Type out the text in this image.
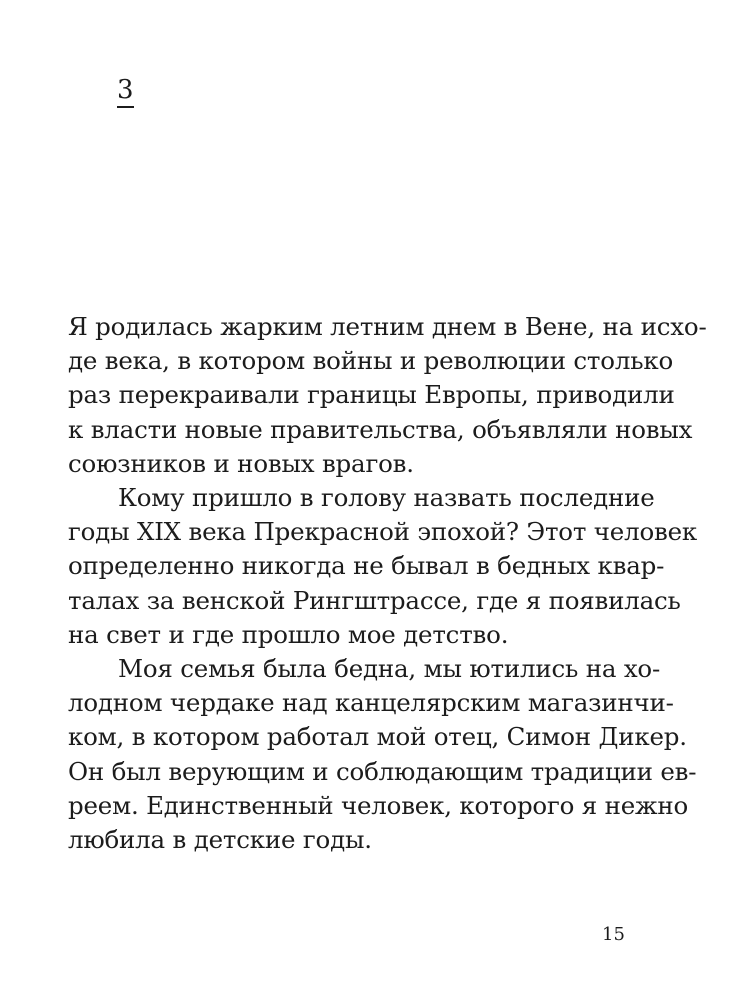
3

Я родилась жарким летним днем в Вене, на исхо-
де века, в котором войны и революции столько
раз перекраивали границы Европы, приводили
к власти новые правительства, объявляли новых
союзников и новых врагов.

Кому пришло в голову назвать последние
годы XIX века Прекрасной эпохой? Этот человек
определенно никогда не бывал в бедных квар-
талах за венской Рингштрассе, где я появилась
на свет и где прошло мое детство.

Моя семья была бедна, мы ютились на хо-
лодном чердаке над канцелярским магазинчи-
ком, в котором работал мой отец, Симон Дикер.
Он был верующим и соблюдающим традиции ев-
реем. Единственный человек, которого я нежно
любила в детские годы.

15
